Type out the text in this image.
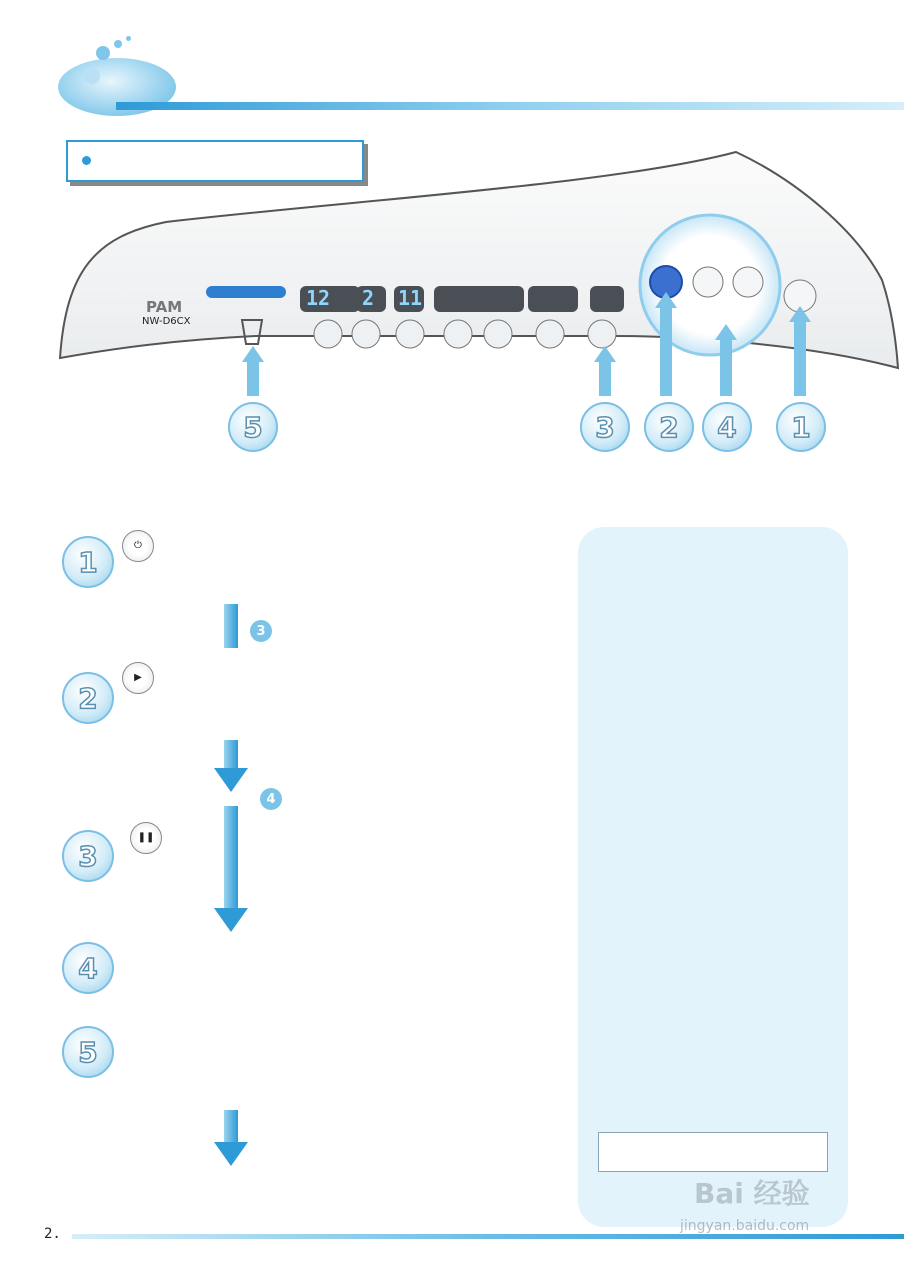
PAM
NW-D6CX
12 2 11
5	3	2	4	1
1	⏻
3
2
▶
4
3
❚❚
4
5
2.
Bai 经验
jingyan.baidu.com
